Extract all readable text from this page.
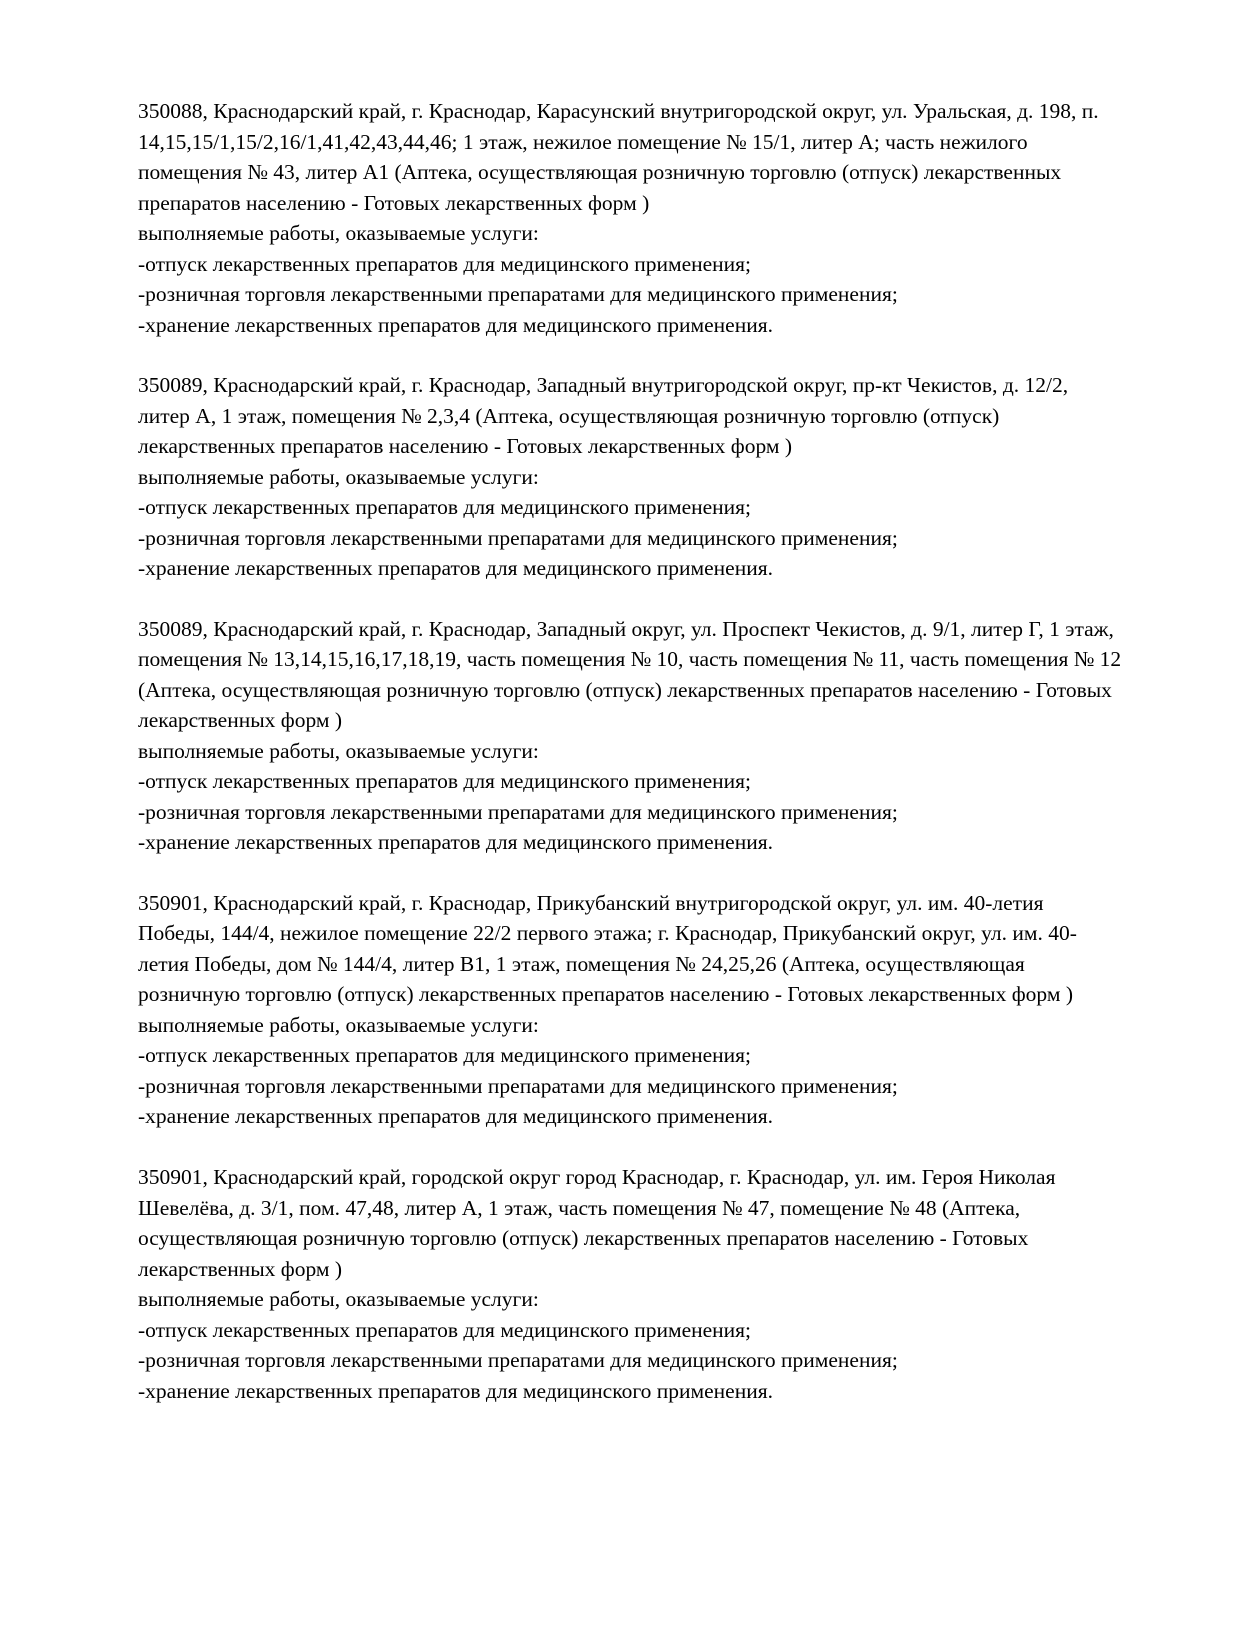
350088, Краснодарский край, г. Краснодар, Карасунский внутригородской округ, ул. Уральская, д. 198, п. 14,15,15/1,15/2,16/1,41,42,43,44,46; 1 этаж, нежилое помещение № 15/1, литер А; часть нежилого помещения № 43, литер А1 (Аптека, осуществляющая розничную торговлю (отпуск) лекарственных препаратов населению - Готовых лекарственных форм )

выполняемые работы, оказываемые услуги:

-отпуск лекарственных препаратов для медицинского применения;

-розничная торговля лекарственными препаратами для медицинского применения;

-хранение лекарственных препаратов для медицинского применения.

350089, Краснодарский край, г. Краснодар, Западный внутригородской округ, пр-кт Чекистов, д. 12/2, литер А, 1 этаж, помещения № 2,3,4 (Аптека, осуществляющая розничную торговлю (отпуск) лекарственных препаратов населению - Готовых лекарственных форм )

выполняемые работы, оказываемые услуги:

-отпуск лекарственных препаратов для медицинского применения;

-розничная торговля лекарственными препаратами для медицинского применения;

-хранение лекарственных препаратов для медицинского применения.

350089, Краснодарский край, г. Краснодар, Западный округ, ул. Проспект Чекистов, д. 9/1, литер Г, 1 этаж, помещения № 13,14,15,16,17,18,19, часть помещения № 10, часть помещения № 11, часть помещения № 12 (Аптека, осуществляющая розничную торговлю (отпуск) лекарственных препаратов населению - Готовых лекарственных форм )

выполняемые работы, оказываемые услуги:

-отпуск лекарственных препаратов для медицинского применения;

-розничная торговля лекарственными препаратами для медицинского применения;

-хранение лекарственных препаратов для медицинского применения.

350901, Краснодарский край, г. Краснодар, Прикубанский внутригородской округ, ул. им. 40-летия Победы, 144/4, нежилое помещение 22/2 первого этажа; г. Краснодар, Прикубанский округ, ул. им. 40-летия Победы, дом № 144/4, литер В1, 1 этаж, помещения № 24,25,26 (Аптека, осуществляющая розничную торговлю (отпуск) лекарственных препаратов населению - Готовых лекарственных форм )

выполняемые работы, оказываемые услуги:

-отпуск лекарственных препаратов для медицинского применения;

-розничная торговля лекарственными препаратами для медицинского применения;

-хранение лекарственных препаратов для медицинского применения.

350901, Краснодарский край, городской округ город Краснодар, г. Краснодар, ул. им. Героя Николая Шевелёва, д. 3/1, пом. 47,48, литер А, 1 этаж, часть помещения № 47, помещение № 48 (Аптека, осуществляющая розничную торговлю (отпуск) лекарственных препаратов населению - Готовых лекарственных форм )

выполняемые работы, оказываемые услуги:

-отпуск лекарственных препаратов для медицинского применения;

-розничная торговля лекарственными препаратами для медицинского применения;

-хранение лекарственных препаратов для медицинского применения.
